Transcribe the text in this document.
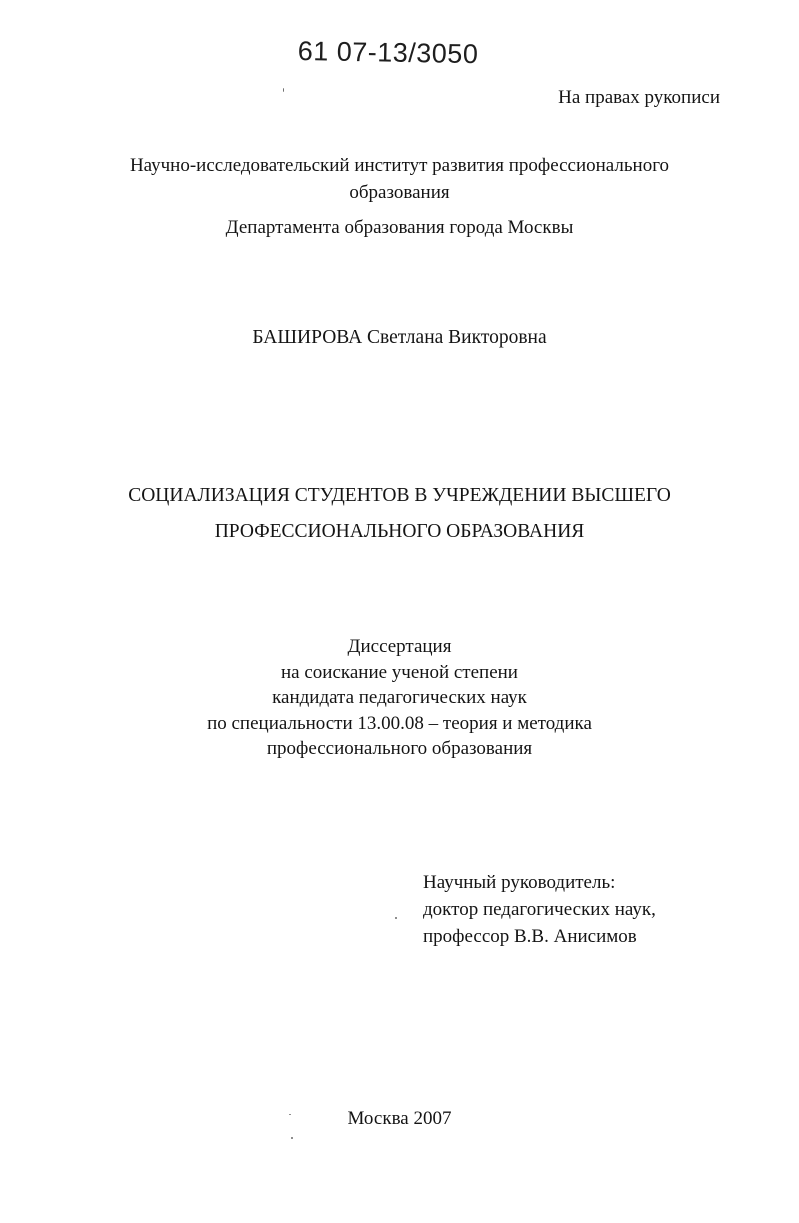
61 07-13/3050
На правах рукописи
Научно-исследовательский институт развития профессионального
образования
Департамента образования города Москвы
БАШИРОВА Светлана Викторовна
СОЦИАЛИЗАЦИЯ СТУДЕНТОВ В УЧРЕЖДЕНИИ ВЫСШЕГО
ПРОФЕССИОНАЛЬНОГО ОБРАЗОВАНИЯ
Диссертация
на соискание ученой степени
кандидата педагогических наук
по специальности 13.00.08 – теория и методика
профессионального образования
Научный руководитель:
доктор педагогических наук,
профессор В.В. Анисимов
Москва 2007
